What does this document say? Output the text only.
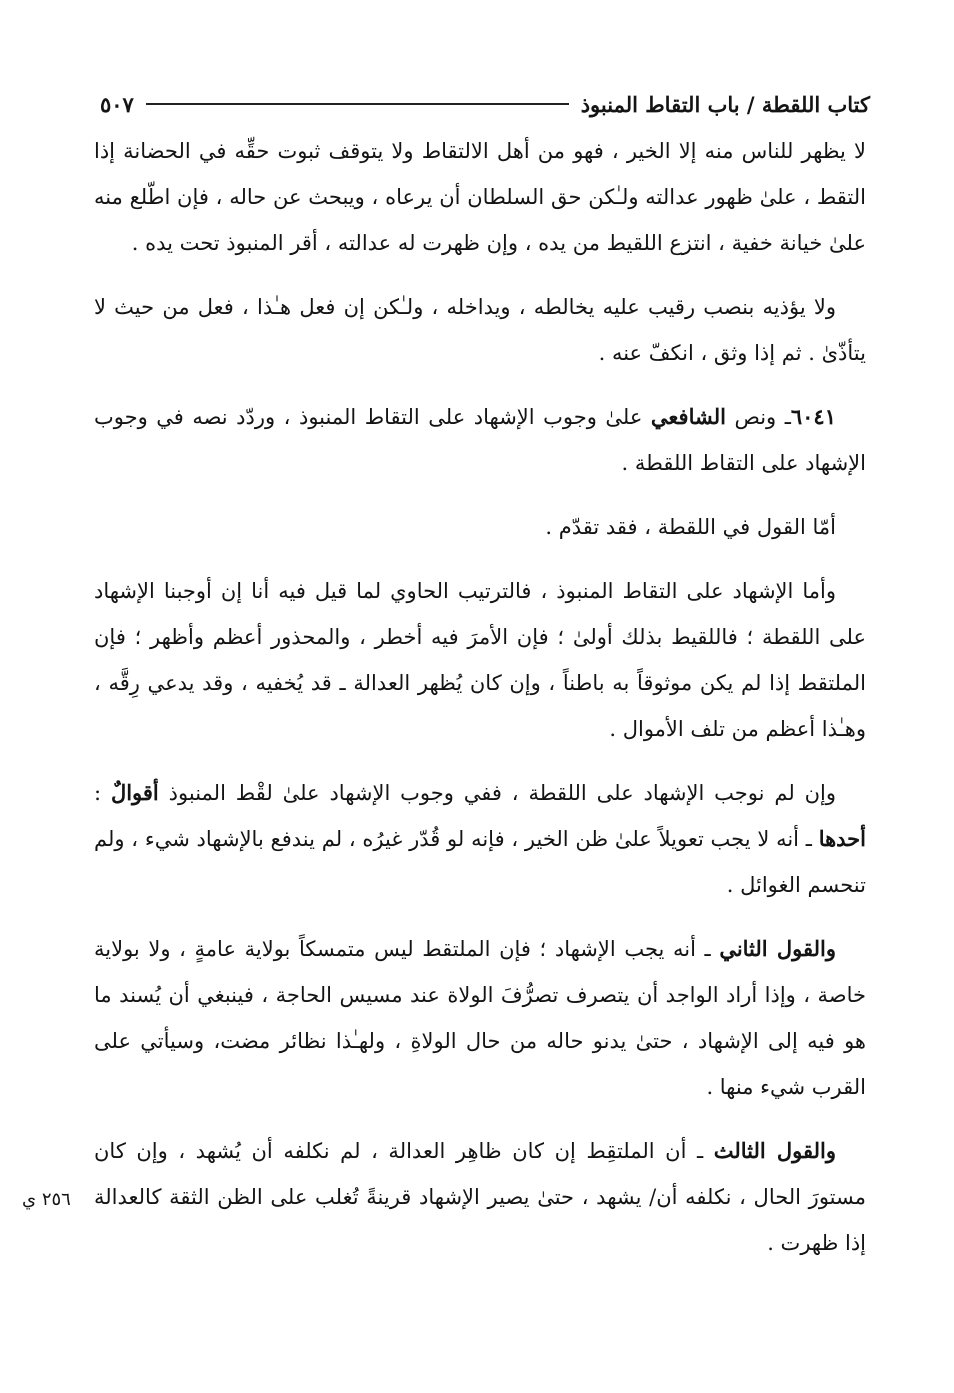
كتاب اللقطة / باب التقاط المنبوذ
٥٠٧

لا يظهر للناس منه إلا الخير ، فهو من أهل الالتقاط ولا يتوقف ثبوت حقِّه في الحضانة إذا التقط ، علىٰ ظهور عدالته ولـٰكن حق السلطان أن يرعاه ، ويبحث عن حاله ، فإن اطّلع منه علىٰ خيانة خفية ، انتزع اللقيط من يده ، وإن ظهرت له عدالته ، أقر المنبوذ تحت يده .

ولا يؤذيه بنصب رقيب عليه يخالطه ، ويداخله ، ولـٰكن إن فعل هـٰذا ، فعل من حيث لا يتأذّىٰ . ثم إذا وثق ، انكفّ عنه .

٦٠٤١ـ ونص الشافعي علىٰ وجوب الإشهاد على التقاط المنبوذ ، وردّد نصه في وجوب الإشهاد على التقاط اللقطة .

أمّا القول في اللقطة ، فقد تقدّم .

وأما الإشهاد على التقاط المنبوذ ، فالترتيب الحاوي لما قيل فيه أنا إن أوجبنا الإشهاد على اللقطة ؛ فاللقيط بذلك أولىٰ ؛ فإن الأمرَ فيه أخطر ، والمحذور أعظم وأظهر ؛ فإن الملتقط إذا لم يكن موثوقاً به باطناً ، وإن كان يُظهر العدالة ـ قد يُخفيه ، وقد يدعي رِقَّه ، وهـٰذا أعظم من تلف الأموال .

وإن لم نوجب الإشهاد على اللقطة ، ففي وجوب الإشهاد علىٰ لقْط المنبوذ أقوالٌ : أحدها ـ أنه لا يجب تعويلاً علىٰ ظن الخير ، فإنه لو قُدّر غيرُه ، لم يندفع بالإشهاد شيء ، ولم تنحسم الغوائل .

والقول الثاني ـ أنه يجب الإشهاد ؛ فإن الملتقط ليس متمسكاً بولاية عامةٍ ، ولا بولاية خاصة ، وإذا أراد الواجد أن يتصرف تصرُّفَ الولاة عند مسيس الحاجة ، فينبغي أن يُسند ما هو فيه إلى الإشهاد ، حتىٰ يدنو حاله من حال الولاةِ ، ولهـٰذا نظائر مضت، وسيأتي على القرب شيء منها .

والقول الثالث ـ أن الملتقِط إن كان ظاهِر العدالة ، لم نكلفه أن يُشهد ، وإن كان مستورَ الحال ، نكلفه أن/ يشهد ، حتىٰ يصير الإشهاد قرينةً تُغلب على الظن الثقة كالعدالة إذا ظهرت .

٢٥٦ ي
